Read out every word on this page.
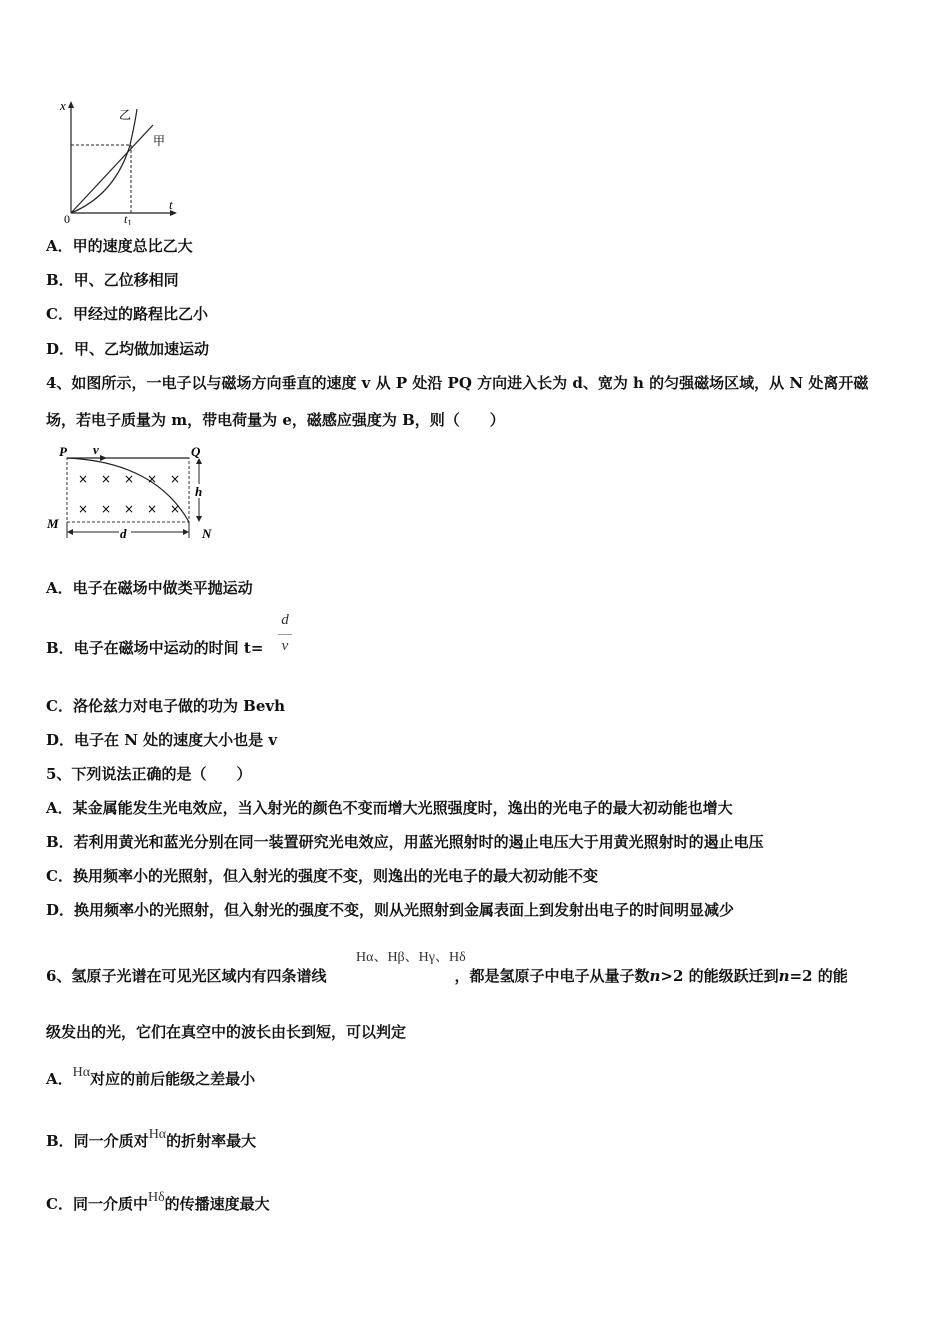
x
t
0	$t_1$
乙
甲
A．甲的速度总比乙大
B．甲、乙位移相同
C．甲经过的路程比乙小
D．甲、乙均做加速运动
4、如图所示，一电子以与磁场方向垂直的速度 v 从 P 处沿 PQ 方向进入长为 d、宽为 h 的匀强磁场区域，从 N 处离开磁
场，若电子质量为 m，带电荷量为 e，磁感应强度为 B，则（　　）
× × × × ×
× × × × ×
P v	Q
M
N
h
d
A．电子在磁场中做类平抛运动
B．电子在磁场中运动的时间 t=
d
v
C．洛伦兹力对电子做的功为 Bevh
D．电子在 N 处的速度大小也是 v
5、下列说法正确的是（　　）
A．某金属能发生光电效应，当入射光的颜色不变而增大光照强度时，逸出的光电子的最大初动能也增大
B．若利用黄光和蓝光分别在同一装置研究光电效应，用蓝光照射时的遏止电压大于用黄光照射时的遏止电压
C．换用频率小的光照射，但入射光的强度不变，则逸出的光电子的最大初动能不变
D．换用频率小的光照射，但入射光的强度不变，则从光照射到金属表面上到发射出电子的时间明显减少
Hα、Hβ、Hγ、Hδ
6、氢原子光谱在可见光区域内有四条谱线	，都是氢原子中电子从量子数n>2 的能级跃迁到n=2 的能
级发出的光，它们在真空中的波长由长到短，可以判定
A．Hα对应的前后能级之差最小
B．同一介质对Hα的折射率最大
C．同一介质中Hδ的传播速度最大
